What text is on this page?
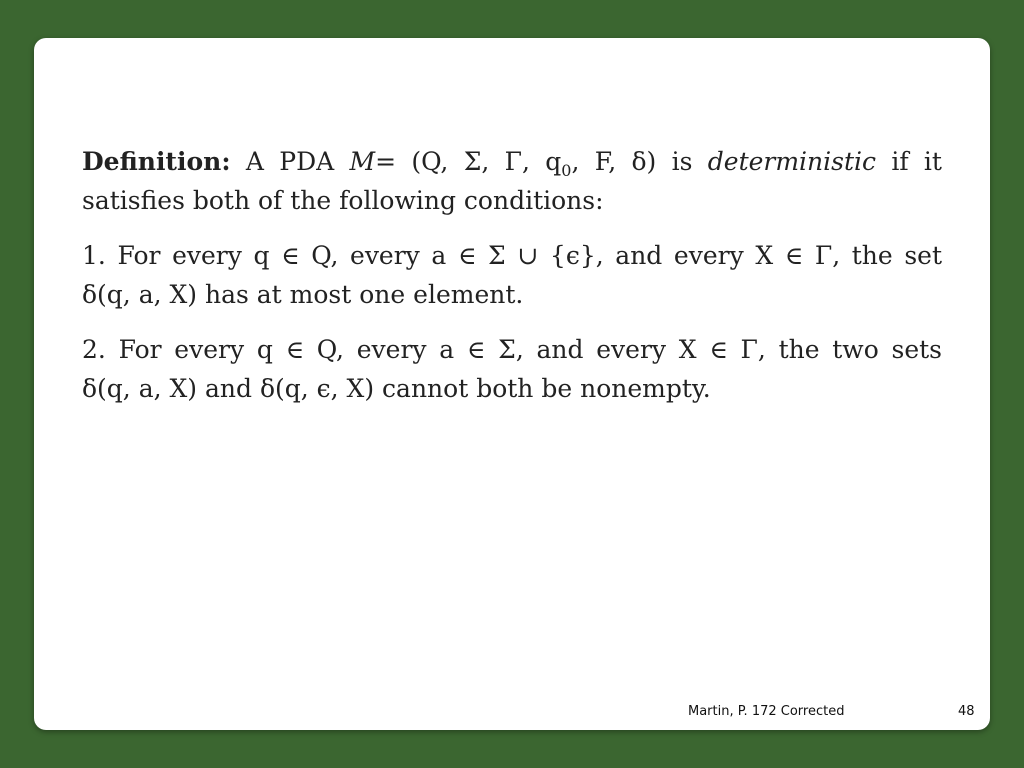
Definition: A PDA M= (Q, Σ, Γ, $q_0$, F, δ) is deterministic if it
satisfies both of the following conditions:
1. For every q ∈ Q, every a ∈ Σ ∪ {ϵ}, and every X ∈ Γ, the set
δ(q, a, X) has at most one element.
2. For every q ∈ Q, every a ∈ Σ, and every X ∈ Γ, the two sets
δ(q, a, X) and δ(q, ϵ, X) cannot both be nonempty.
Martin, P. 172 Corrected	48
